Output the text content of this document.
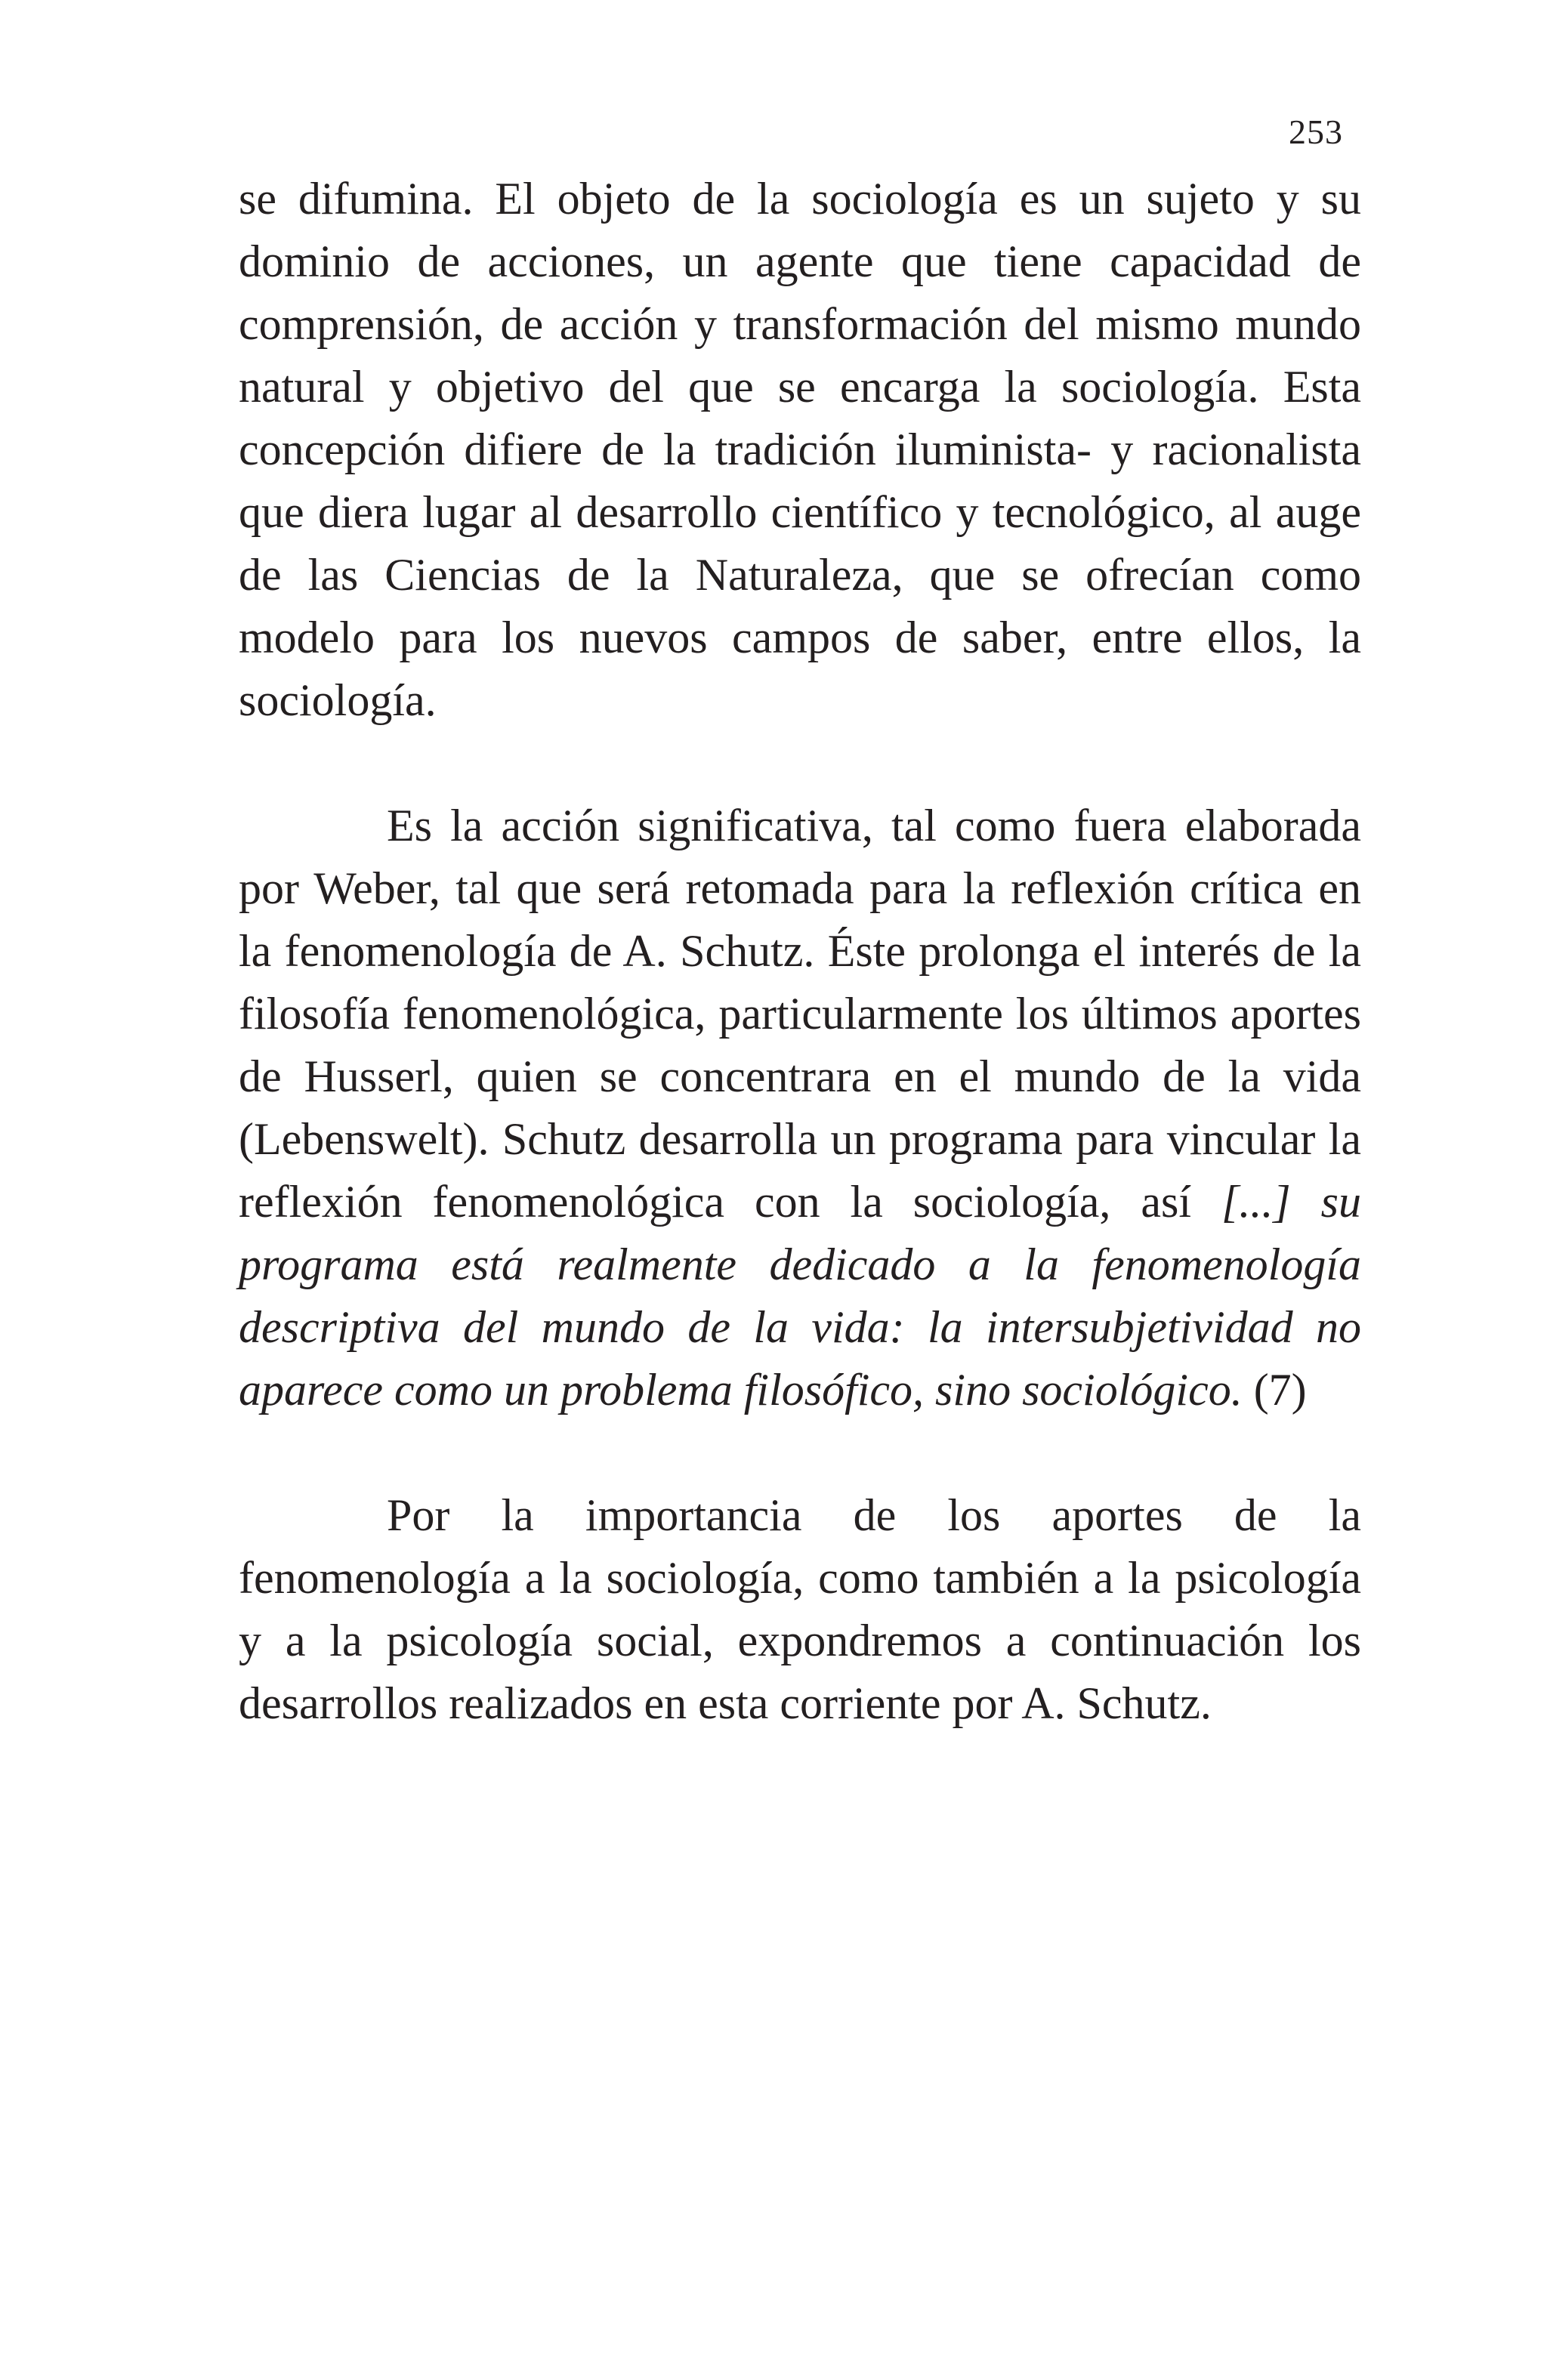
253

se difumina. El objeto de la sociología es un sujeto y su dominio de acciones, un agente que tiene capacidad de comprensión, de acción y transformación del mismo mundo natural y objetivo del que se encarga la sociología. Esta concepción difiere de la tradición iluminista- y racionalista que diera lugar al desarrollo científico y tecnológico, al auge de las Ciencias de la Naturaleza, que se ofrecían como modelo para los nuevos campos de saber, entre ellos, la sociología.

Es la acción significativa, tal como fuera elaborada por Weber, tal que será retomada para la reflexión crítica en la fenomenología de A. Schutz. Éste prolonga el interés de la filosofía fenomenológica, particularmente los últimos aportes de Husserl, quien se concentrara en el mundo de la vida (Lebenswelt). Schutz desarrolla un programa para vincular la reflexión fenomenológica con la sociología, así [...] su programa está realmente dedicado a la fenomenología descriptiva del mundo de la vida: la intersubjetividad no aparece como un problema filosófico, sino sociológico. (7)

Por la importancia de los aportes de la fenomenología a la sociología, como también a la psicología y a la psicología social, expondremos a continuación los desarrollos realizados en esta corriente por A. Schutz.
